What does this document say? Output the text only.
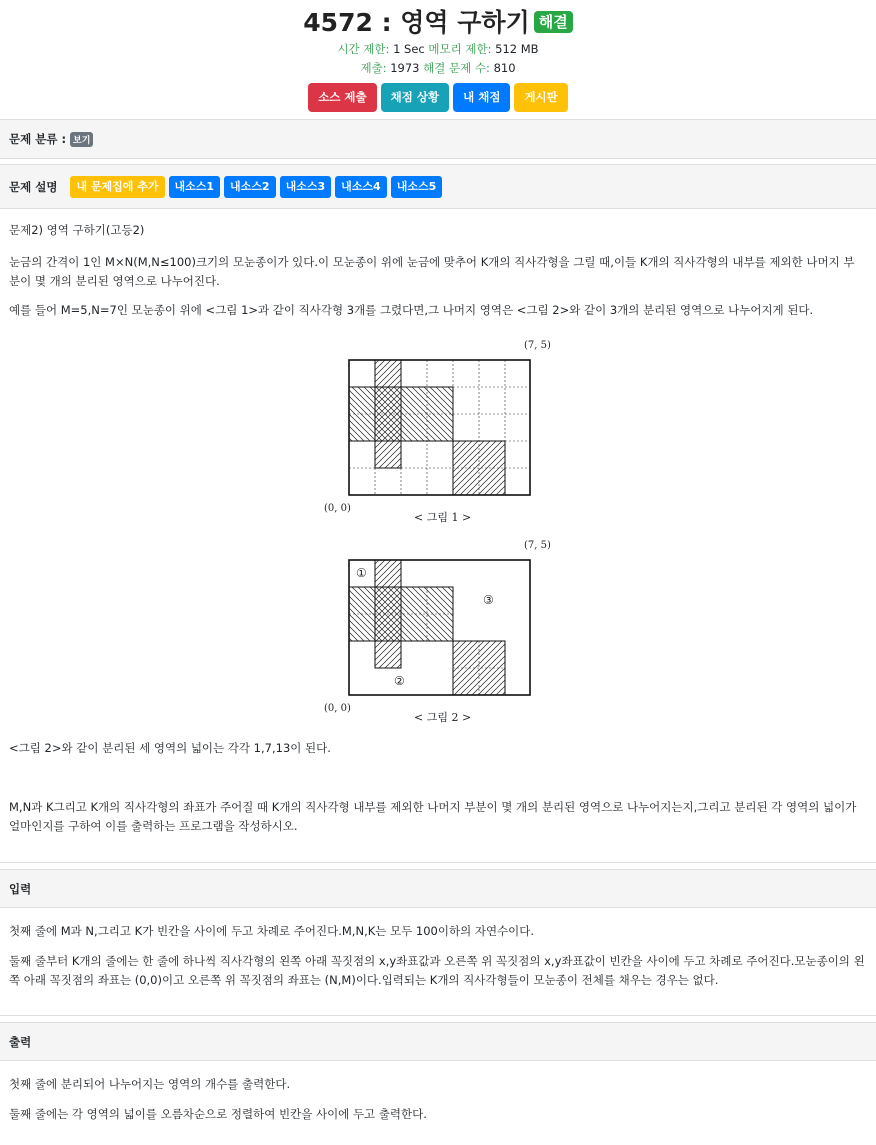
4572 : 영역 구하기 해결
시간 제한: 1 Sec 메모리 제한: 512 MB
제출: 1973 해결 문제 수: 810
소스 제출	채점 상황	내 채점	게시판
문제 분류 : 보기
문제 설명	내 문제집에 추가	내소스1	내소스2	내소스3	내소스4	내소스5

문제2) 영역 구하기(고등2)

눈금의 간격이 1인 M×N(M,N≤100)크기의 모눈종이가 있다.이 모눈종이 위에 눈금에 맞추어 K개의 직사각형을 그릴 때,이들 K개의 직사각형의 내부를 제외한 나머지 부분이 몇 개의 분리된 영역으로 나누어진다.

예를 들어 M=5,N=7인 모눈종이 위에 <그림 1>과 같이 직사각형 3개를 그렸다면,그 나머지 영역은 <그림 2>와 같이 3개의 분리된 영역으로 나누어지게 된다.

(7, 5)
(0, 0)
< 그림 1 >
(7, 5)
(0, 0)
< 그림 2 >
①
②
③

<그림 2>와 같이 분리된 세 영역의 넓이는 각각 1,7,13이 된다.

M,N과 K그리고 K개의 직사각형의 좌표가 주어질 때 K개의 직사각형 내부를 제외한 나머지 부분이 몇 개의 분리된 영역으로 나누어지는지,그리고 분리된 각 영역의 넓이가 얼마인지를 구하여 이를 출력하는 프로그램을 작성하시오.

입력

첫째 줄에 M과 N,그리고 K가 빈칸을 사이에 두고 차례로 주어진다.M,N,K는 모두 100이하의 자연수이다.

둘째 줄부터 K개의 줄에는 한 줄에 하나씩 직사각형의 왼쪽 아래 꼭짓점의 x,y좌표값과 오른쪽 위 꼭짓점의 x,y좌표값이 빈칸을 사이에 두고 차례로 주어진다.모눈종이의 왼쪽 아래 꼭짓점의 좌표는 (0,0)이고 오른쪽 위 꼭짓점의 좌표는 (N,M)이다.입력되는 K개의 직사각형들이 모눈종이 전체를 채우는 경우는 없다.

출력

첫째 줄에 분리되어 나누어지는 영역의 개수를 출력한다.

둘째 줄에는 각 영역의 넓이를 오름차순으로 정렬하여 빈칸을 사이에 두고 출력한다.
